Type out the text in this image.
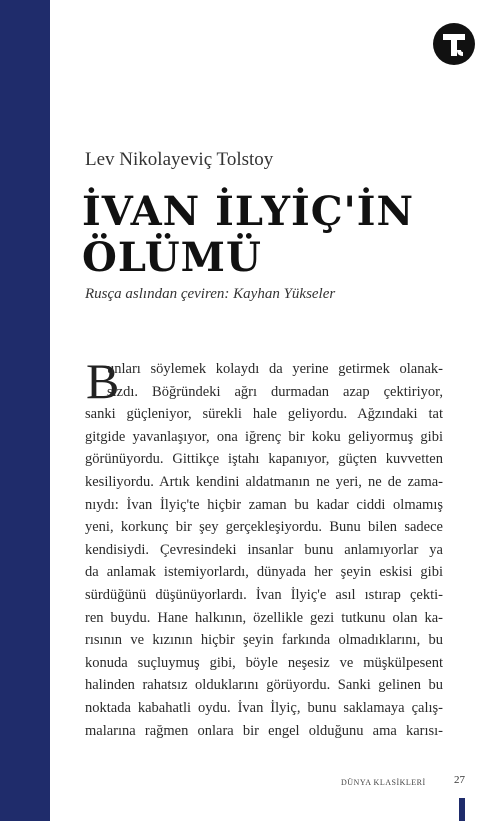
Lev Nikolayeviç Tolstoy

İVAN İLYİÇ'İN
ÖLÜMÜ

Rusça aslından çeviren: Kayhan Yükseler

B
unları söylemek kolaydı da yerine getirmek olanak-
sızdı. Böğründeki ağrı durmadan azap çektiriyor,
sanki güçleniyor, sürekli hale geliyordu. Ağzındaki tat
gitgide yavanlaşıyor, ona iğrenç bir koku geliyormuş gibi
görünüyordu. Gittikçe iştahı kapanıyor, güçten kuvvetten
kesiliyordu. Artık kendini aldatmanın ne yeri, ne de zama-
nıydı: İvan İlyiç'te hiçbir zaman bu kadar ciddi olmamış
yeni, korkunç bir şey gerçekleşiyordu. Bunu bilen sadece
kendisiydi. Çevresindeki insanlar bunu anlamıyorlar ya
da anlamak istemiyorlardı, dünyada her şeyin eskisi gibi
sürdüğünü düşünüyorlardı. İvan İlyiç'e asıl ıstırap çekti-
ren buydu. Hane halkının, özellikle gezi tutkunu olan ka-
rısının ve kızının hiçbir şeyin farkında olmadıklarını, bu
konuda suçluymuş gibi, böyle neşesiz ve müşkülpesent
halinden rahatsız olduklarını görüyordu. Sanki gelinen bu
noktada kabahatli oydu. İvan İlyiç, bunu saklamaya çalış-
malarına rağmen onlara bir engel olduğunu ama karısı-

DÜNYA KLASİKLERİ	27
